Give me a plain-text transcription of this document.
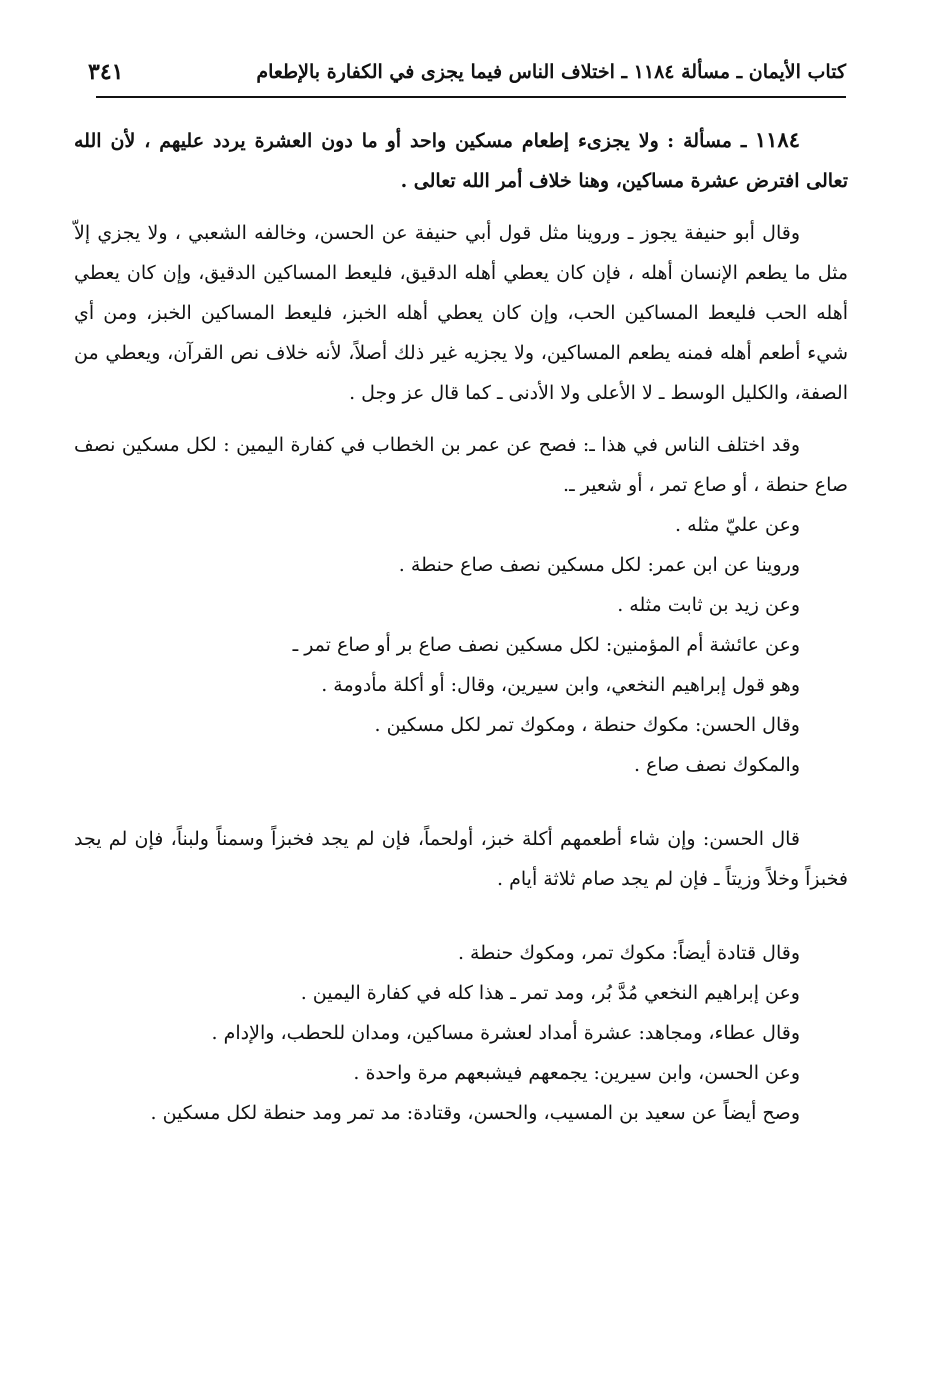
كتاب الأيمان ـ مسألة ١١٨٤ ـ اختلاف الناس فيما يجزى في الكفارة بالإطعام
٣٤١

١١٨٤ ـ مسألة : ولا يجزىء إطعام مسكين واحد أو ما دون العشرة يردد عليهم ، لأن الله تعالى افترض عشرة مساكين، وهنا خلاف أمر الله تعالى .

وقال أبو حنيفة يجوز ـ وروينا مثل قول أبي حنيفة عن الحسن، وخالفه الشعبي ، ولا يجزي إلاّ مثل ما يطعم الإنسان أهله ، فإن كان يعطي أهله الدقيق، فليعط المساكين الدقيق، وإن كان يعطي أهله الحب فليعط المساكين الحب، وإن كان يعطي أهله الخبز، فليعط المساكين الخبز، ومن أي شيء أطعم أهله فمنه يطعم المساكين، ولا يجزيه غير ذلك أصلاً، لأنه خلاف نص القرآن، ويعطي من الصفة، والكليل الوسط ـ لا الأعلى ولا الأدنى ـ كما قال عز وجل .

وقد اختلف الناس في هذا ـ: فصح عن عمر بن الخطاب في كفارة اليمين : لكل مسكين نصف صاع حنطة ، أو صاع تمر ، أو شعير ـ.

وعن عليّ مثله .

وروينا عن ابن عمر: لكل مسكين نصف صاع حنطة .

وعن زيد بن ثابت مثله .

وعن عائشة أم المؤمنين: لكل مسكين نصف صاع بر أو صاع تمر ـ

وهو قول إبراهيم النخعي، وابن سيرين، وقال: أو أكلة مأدومة .

وقال الحسن: مكوك حنطة ، ومكوك تمر لكل مسكين .

والمكوك نصف صاع .

قال الحسن: وإن شاء أطعمهم أكلة خبز، أولحماً، فإن لم يجد فخبزاً وسمناً ولبناً، فإن لم يجد فخبزاً وخلاً وزيتاً ـ فإن لم يجد صام ثلاثة أيام .

وقال قتادة أيضاً: مكوك تمر، ومكوك حنطة .

وعن إبراهيم النخعي مُدَّ بُر، ومد تمر ـ هذا كله في كفارة اليمين .

وقال عطاء، ومجاهد: عشرة أمداد لعشرة مساكين، ومدان للحطب، والإدام .

وعن الحسن، وابن سيرين: يجمعهم فيشبعهم مرة واحدة .

وصح أيضاً عن سعيد بن المسيب، والحسن، وقتادة: مد تمر ومد حنطة لكل مسكين .
